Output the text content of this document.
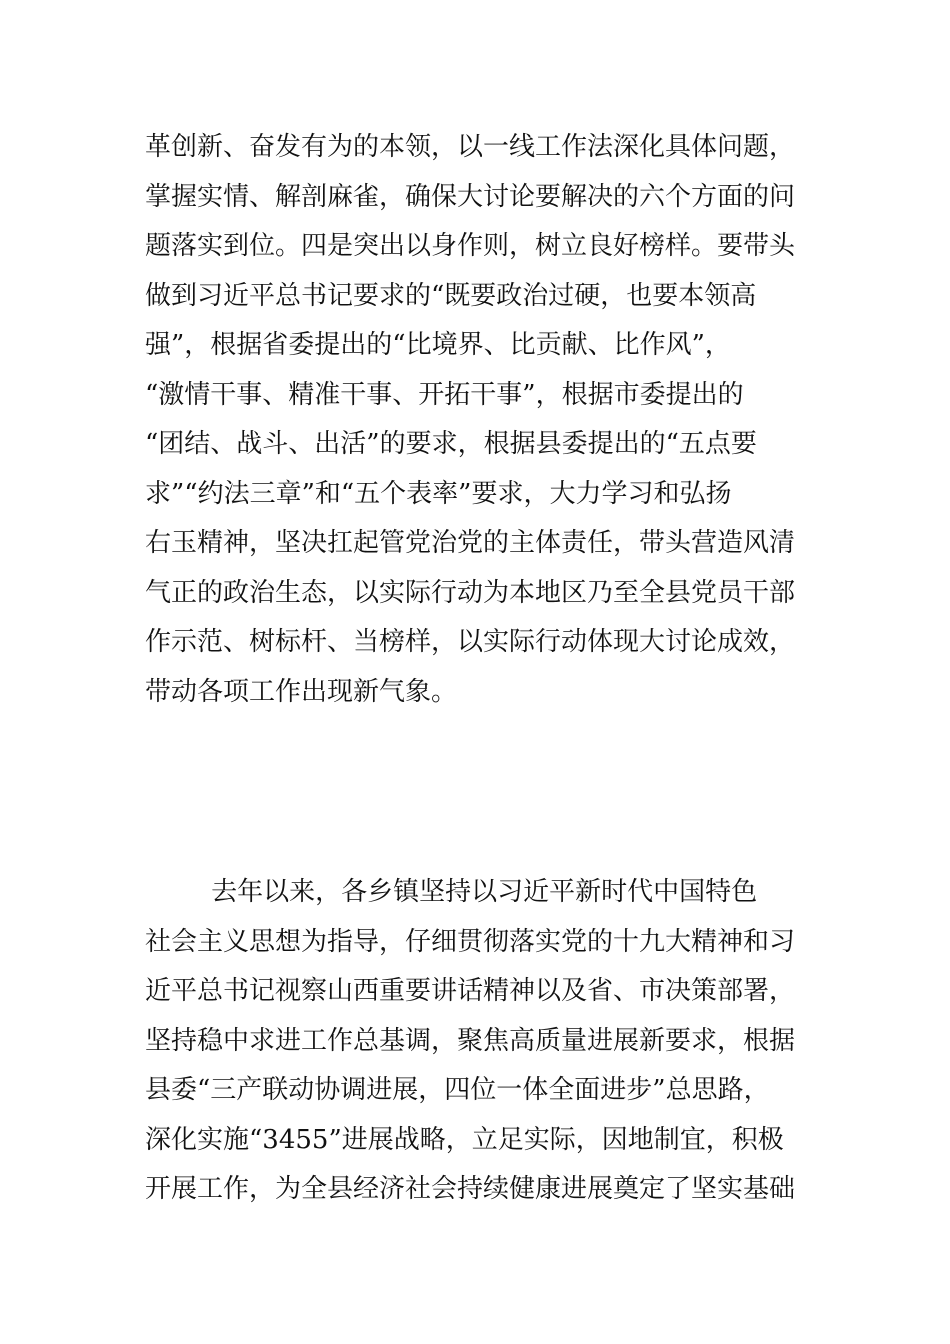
革创新、奋发有为的本领，以一线工作法深化具体问题，
掌握实情、解剖麻雀，确保大讨论要解决的六个方面的问
题落实到位。四是突出以身作则，树立良好榜样。要带头
做到习近平总书记要求的“既要政治过硬，也要本领高
强”，根据省委提出的“比境界、比贡献、比作风”，
“激情干事、精准干事、开拓干事”，根据市委提出的
“团结、战斗、出活”的要求，根据县委提出的“五点要
求”“约法三章”和“五个表率”要求，大力学习和弘扬
右玉精神，坚决扛起管党治党的主体责任，带头营造风清
气正的政治生态，以实际行动为本地区乃至全县党员干部
作示范、树标杆、当榜样，以实际行动体现大讨论成效，
带动各项工作出现新气象。
去年以来，各乡镇坚持以习近平新时代中国特色
社会主义思想为指导，仔细贯彻落实党的十九大精神和习
近平总书记视察山西重要讲话精神以及省、市决策部署，
坚持稳中求进工作总基调，聚焦高质量进展新要求，根据
县委“三产联动协调进展，四位一体全面进步”总思路，
深化实施“3455”进展战略，立足实际，因地制宜，积极
开展工作，为全县经济社会持续健康进展奠定了坚实基础
